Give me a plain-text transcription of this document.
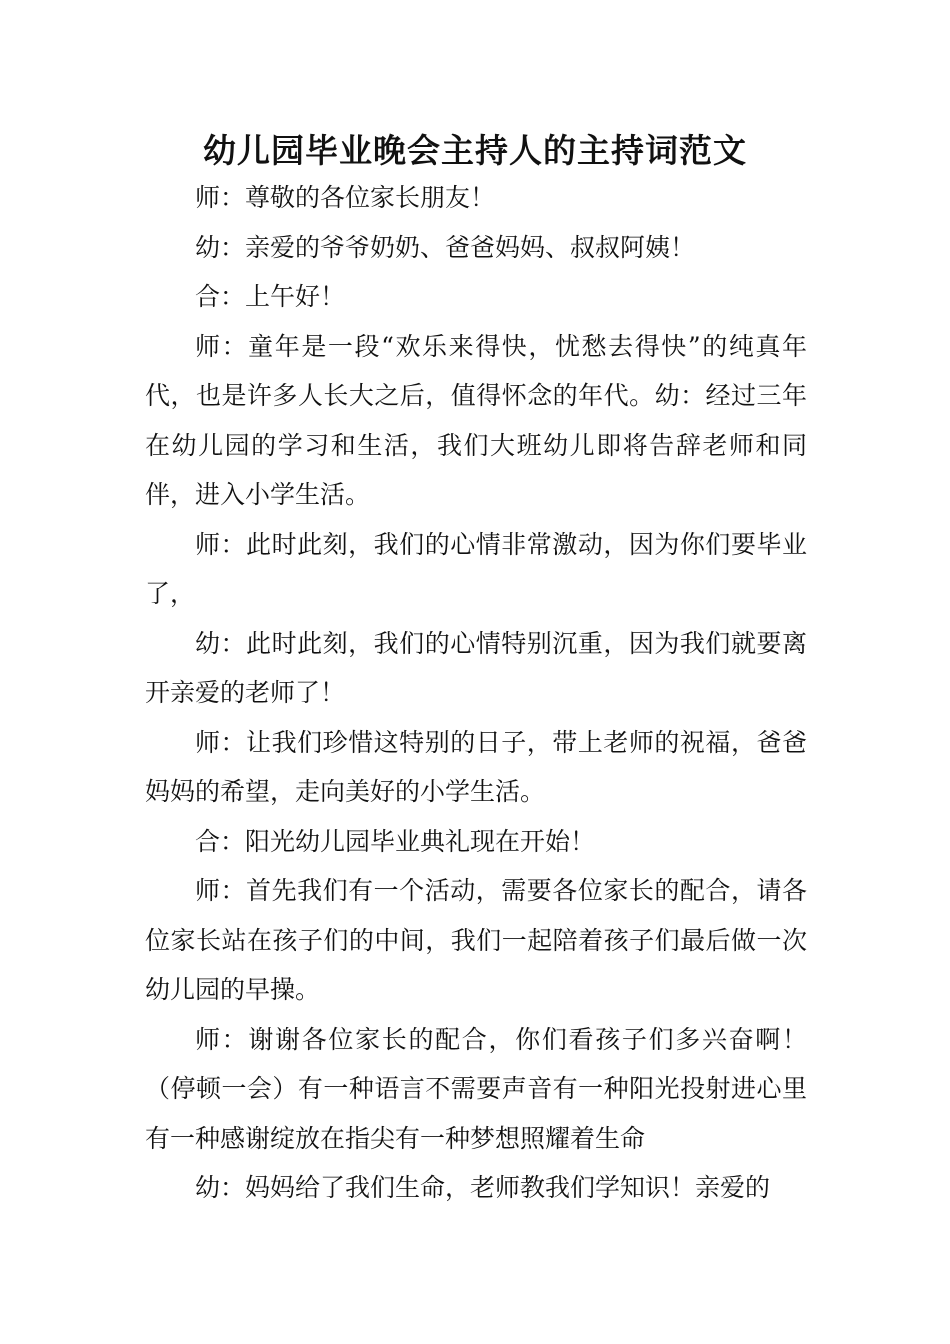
幼儿园毕业晚会主持人的主持词范文

师：尊敬的各位家长朋友！

幼：亲爱的爷爷奶奶、爸爸妈妈、叔叔阿姨！

合：上午好！

师：童年是一段“欢乐来得快，忧愁去得快”的纯真年代，也是许多人长大之后，值得怀念的年代。幼：经过三年在幼儿园的学习和生活，我们大班幼儿即将告辞老师和同伴，进入小学生活。

师：此时此刻，我们的心情非常激动，因为你们要毕业了，

幼：此时此刻，我们的心情特别沉重，因为我们就要离开亲爱的老师了！

师：让我们珍惜这特别的日子，带上老师的祝福，爸爸妈妈的希望，走向美好的小学生活。

合：阳光幼儿园毕业典礼现在开始！

师：首先我们有一个活动，需要各位家长的配合，请各位家长站在孩子们的中间，我们一起陪着孩子们最后做一次幼儿园的早操。

师：谢谢各位家长的配合，你们看孩子们多兴奋啊！（停顿一会）有一种语言不需要声音有一种阳光投射进心里有一种感谢绽放在指尖有一种梦想照耀着生命

幼：妈妈给了我们生命，老师教我们学知识！亲爱的
